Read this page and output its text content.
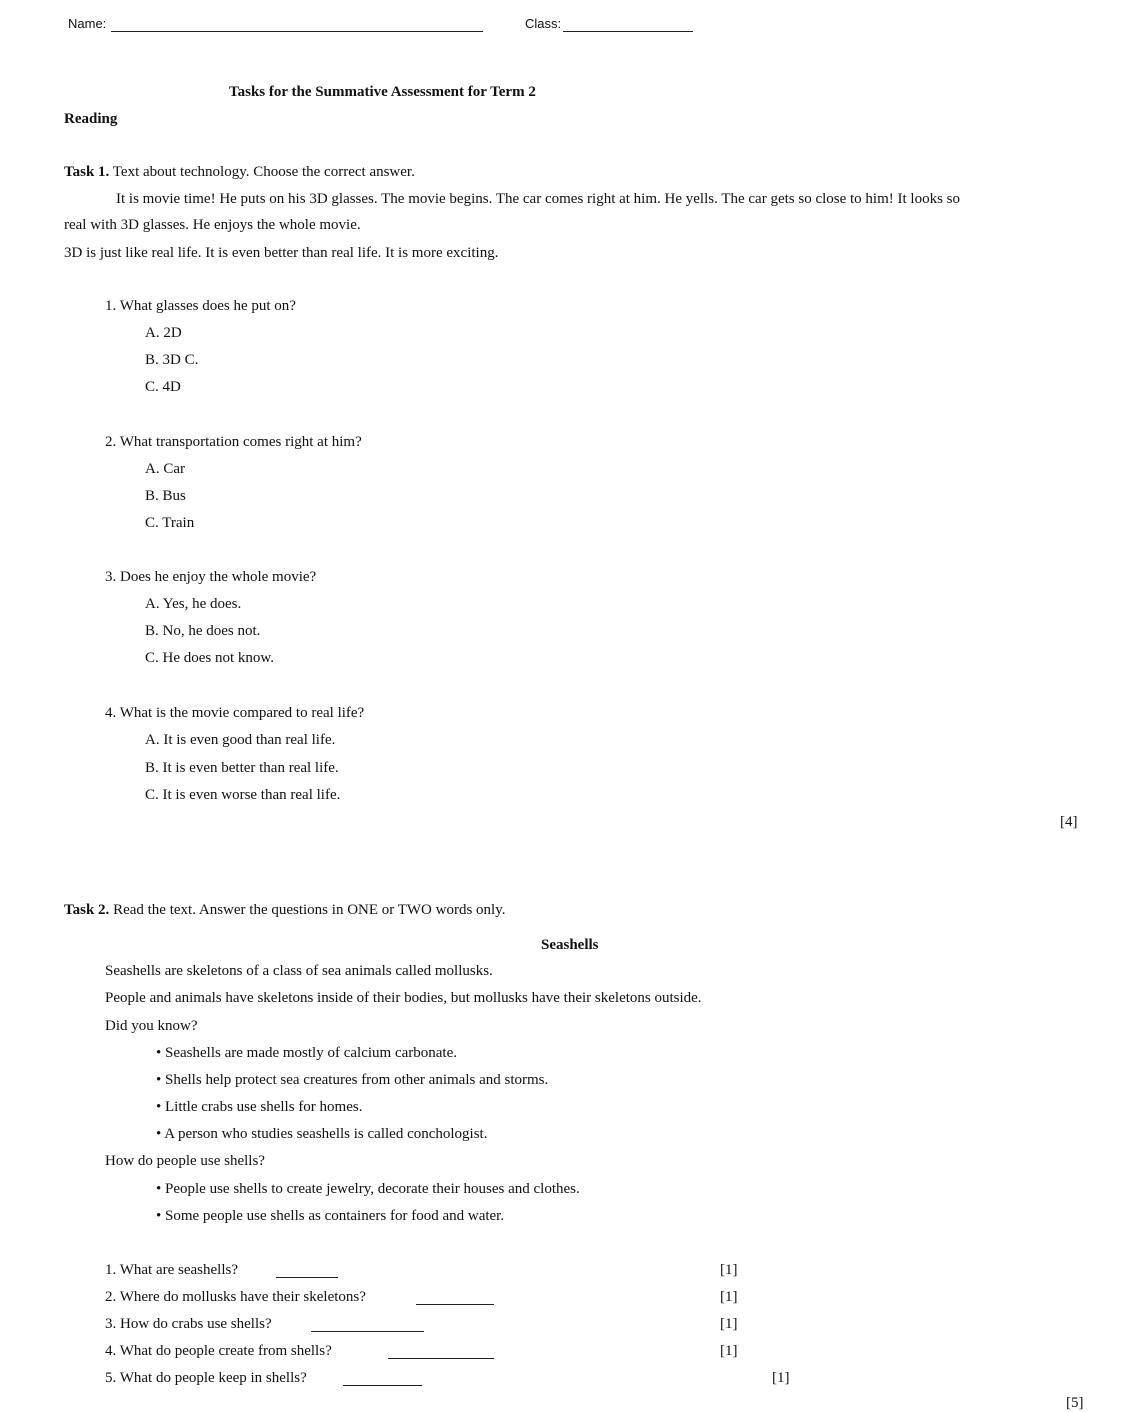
Name:	Class:
Tasks for the Summative Assessment for Term 2
Reading
Task 1. Text about technology. Choose the correct answer.
It is movie time! He puts on his 3D glasses. The movie begins. The car comes right at him. He yells. The car gets so close to him! It looks so
real with 3D glasses. He enjoys the whole movie.
3D is just like real life. It is even better than real life. It is more exciting.
1. What glasses does he put on?
A. 2D
B. 3D C.
C. 4D
2. What transportation comes right at him?
A. Car
B. Bus
C. Train
3. Does he enjoy the whole movie?
A. Yes, he does.
B. No, he does not.
C. He does not know.
4. What is the movie compared to real life?
A. It is even good than real life.
B. It is even better than real life.
C. It is even worse than real life.
[4]
Task 2. Read the text. Answer the questions in ONE or TWO words only.
Seashells
Seashells are skeletons of a class of sea animals called mollusks.
People and animals have skeletons inside of their bodies, but mollusks have their skeletons outside.
Did you know?
• Seashells are made mostly of calcium carbonate.
• Shells help protect sea creatures from other animals and storms.
• Little crabs use shells for homes.
• A person who studies seashells is called conchologist.
How do people use shells?
• People use shells to create jewelry, decorate their houses and clothes.
• Some people use shells as containers for food and water.
1. What are seashells?	[1]
2. Where do mollusks have their skeletons?	[1]
3. How do crabs use shells?	[1]
4. What do people create from shells?	[1]
5. What do people keep in shells?	[1]
[5]
